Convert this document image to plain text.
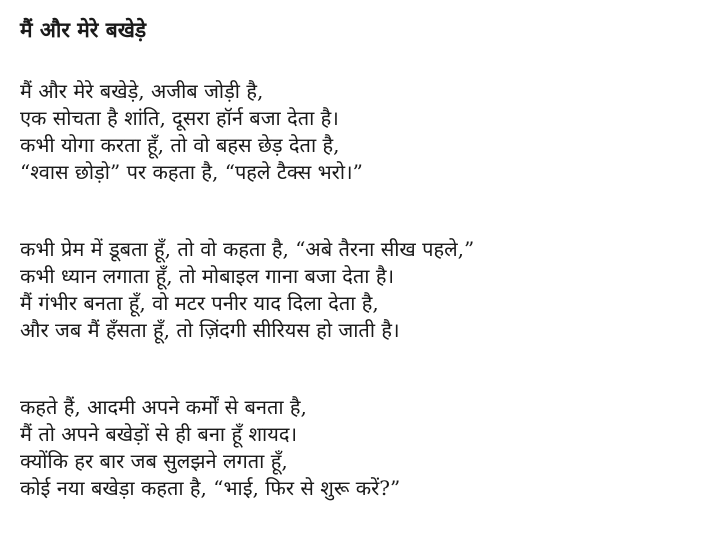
मैं और मेरे बखेड़े

मैं और मेरे बखेड़े, अजीब जोड़ी है,
एक सोचता है शांति, दूसरा हॉर्न बजा देता है।
कभी योगा करता हूँ, तो वो बहस छेड़ देता है,
“श्वास छोड़ो” पर कहता है, “पहले टैक्स भरो।”

कभी प्रेम में डूबता हूँ, तो वो कहता है, “अबे तैरना सीख पहले,”
कभी ध्यान लगाता हूँ, तो मोबाइल गाना बजा देता है।
मैं गंभीर बनता हूँ, वो मटर पनीर याद दिला देता है,
और जब मैं हँसता हूँ, तो ज़िंदगी सीरियस हो जाती है।

कहते हैं, आदमी अपने कर्मों से बनता है,
मैं तो अपने बखेड़ों से ही बना हूँ शायद।
क्योंकि हर बार जब सुलझने लगता हूँ,
कोई नया बखेड़ा कहता है, “भाई, फिर से शुरू करें?”
